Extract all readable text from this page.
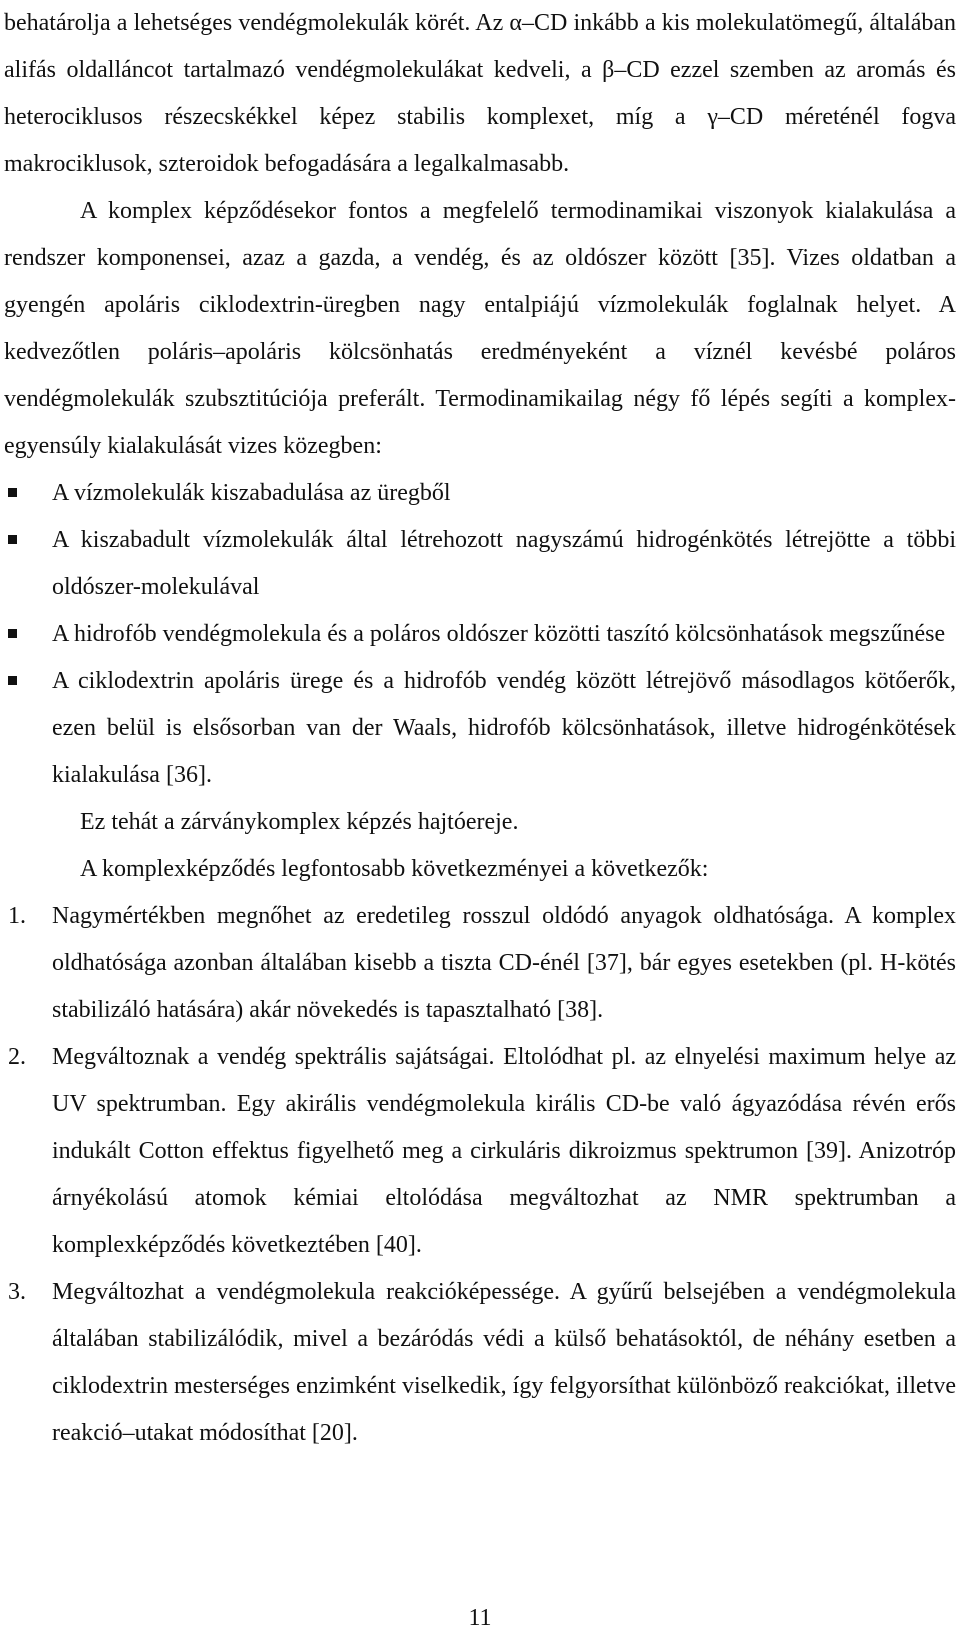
behatárolja a lehetséges vendégmolekulák körét. Az α–CD inkább a kis molekulatömegű, általában alifás oldalláncot tartalmazó vendégmolekulákat kedveli, a β–CD ezzel szemben az aromás és heterociklusos részecskékkel képez stabilis komplexet, míg a γ–CD méreténél fogva makrociklusok, szteroidok befogadására a legalkalmasabb.

A komplex képződésekor fontos a megfelelő termodinamikai viszonyok kialakulása a rendszer komponensei, azaz a gazda, a vendég, és az oldószer között [35]. Vizes oldatban a gyengén apoláris ciklodextrin-üregben nagy entalpiájú vízmolekulák foglalnak helyet. A kedvezőtlen poláris–apoláris kölcsönhatás eredményeként a víznél kevésbé poláros vendégmolekulák szubsztitúciója preferált. Termodinamikailag négy fő lépés segíti a komplex-egyensúly kialakulását vizes közegben:

A vízmolekulák kiszabadulása az üregből
A kiszabadult vízmolekulák által létrehozott nagyszámú hidrogénkötés létrejötte a többi oldószer-molekulával
A hidrofób vendégmolekula és a poláros oldószer közötti taszító kölcsönhatások megszűnése
A ciklodextrin apoláris ürege és a hidrofób vendég között létrejövő másodlagos kötőerők, ezen belül is elsősorban van der Waals, hidrofób kölcsönhatások, illetve hidrogénkötések kialakulása [36].

Ez tehát a zárványkomplex képzés hajtóereje.

A komplexképződés legfontosabb következményei a következők:

1. Nagymértékben megnőhet az eredetileg rosszul oldódó anyagok oldhatósága. A komplex oldhatósága azonban általában kisebb a tiszta CD-énél [37], bár egyes esetekben (pl. H-kötés stabilizáló hatására) akár növekedés is tapasztalható [38].
2. Megváltoznak a vendég spektrális sajátságai. Eltolódhat pl. az elnyelési maximum helye az UV spektrumban. Egy akirális vendégmolekula királis CD-be való ágyazódása révén erős indukált Cotton effektus figyelhető meg a cirkuláris dikroizmus spektrumon [39]. Anizotróp árnyékolású atomok kémiai eltolódása megváltozhat az NMR spektrumban a komplexképződés következtében [40].
3. Megváltozhat a vendégmolekula reakcióképessége. A gyűrű belsejében a vendégmolekula általában stabilizálódik, mivel a bezáródás védi a külső behatásoktól, de néhány esetben a ciklodextrin mesterséges enzimként viselkedik, így felgyorsíthat különböző reakciókat, illetve reakció–utakat módosíthat [20].
11
